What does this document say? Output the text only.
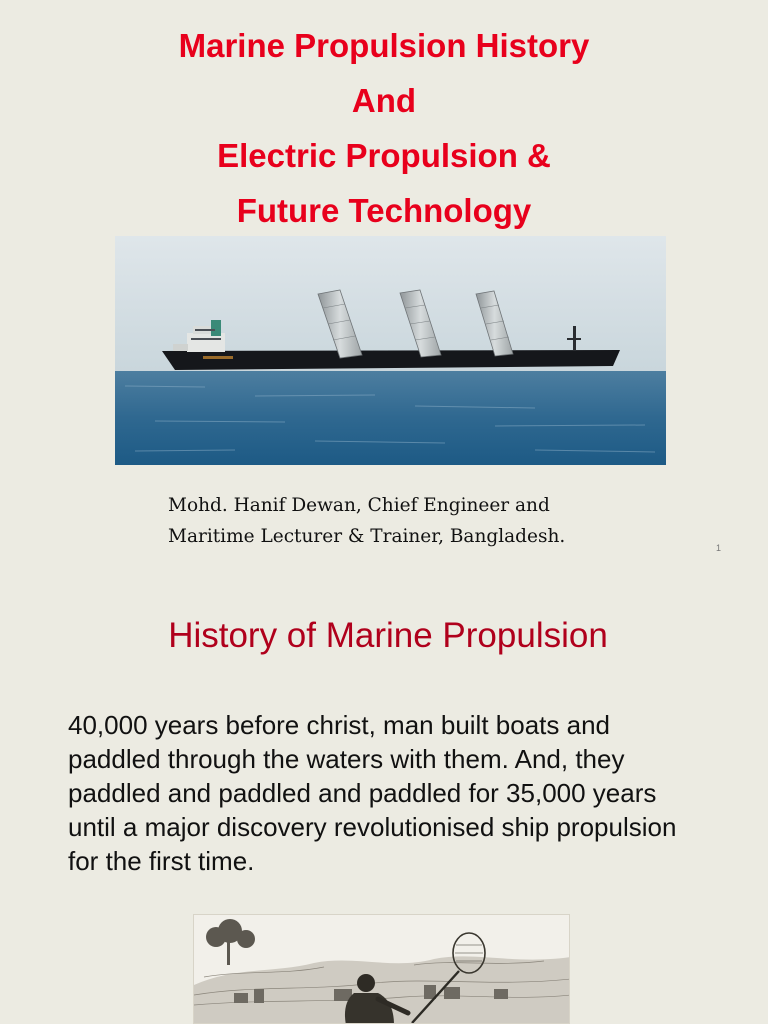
Marine Propulsion History
And
Electric Propulsion &
Future Technology
Mohd. Hanif Dewan, Chief Engineer and
Maritime Lecturer & Trainer, Bangladesh.
1
History of Marine Propulsion
40,000 years before christ, man built boats and paddled through the waters with them. And, they paddled and paddled and paddled for 35,000 years until a major discovery revolutionised ship propulsion for the first time.
